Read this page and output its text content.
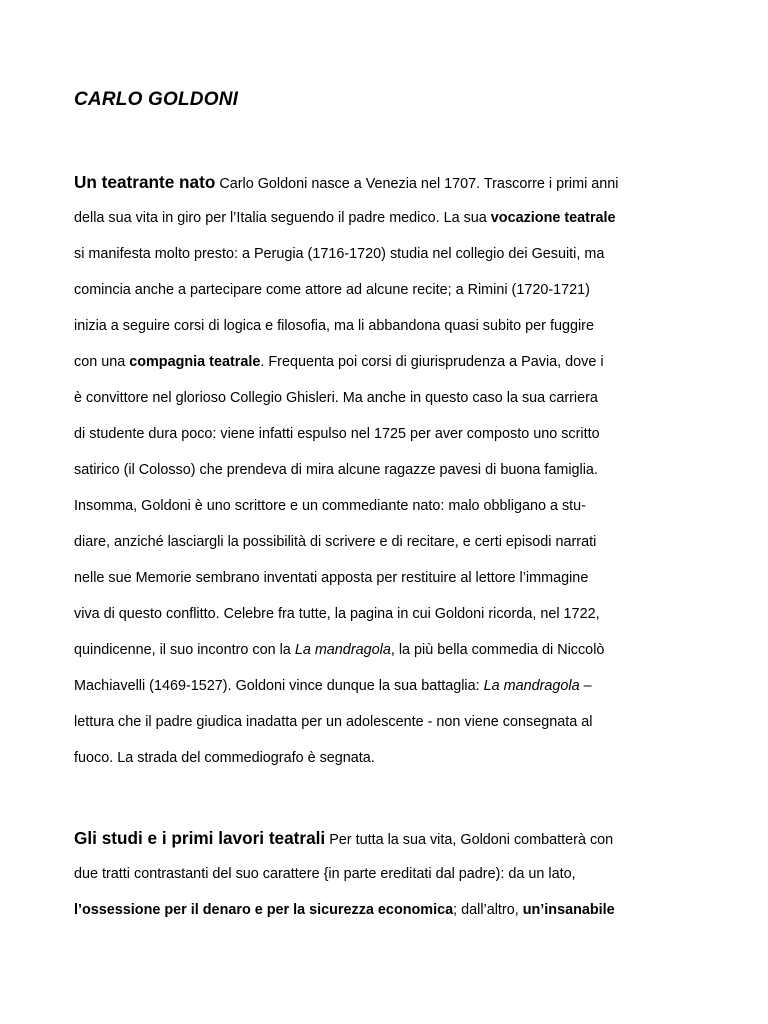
CARLO GOLDONI
Un teatrante nato Carlo Goldoni nasce a Venezia nel 1707. Trascorre i primi anni
della sua vita in giro per l’Italia seguendo il padre medico. La sua vocazione teatrale
si manifesta molto presto: a Perugia (1716-1720) studia nel collegio dei Gesuiti, ma
comincia anche a partecipare come attore ad alcune recite; a Rimini (1720-1721)
inizia a seguire corsi di logica e filosofia, ma li abbandona quasi subito per fuggire
con una compagnia teatrale. Frequenta poi corsi di giurisprudenza a Pavia, dove i
è convittore nel glorioso Collegio Ghisleri. Ma anche in questo caso la sua carriera
di studente dura poco: viene infatti espulso nel 1725 per aver composto uno scritto
satirico (il Colosso) che prendeva di mira alcune ragazze pavesi di buona famiglia.
Insomma, Goldoni è uno scrittore e un commediante nato: malo obbligano a stu-
diare, anziché lasciargli la possibilità di scrivere e di recitare, e certi episodi narrati
nelle sue Memorie sembrano inventati apposta per restituire al lettore l’immagine
viva di questo conflitto. Celebre fra tutte, la pagina in cui Goldoni ricorda, nel 1722,
quindicenne, il suo incontro con la La mandragola, la più bella commedia di Niccolò
Machiavelli (1469-1527). Goldoni vince dunque la sua battaglia: La mandragola –
lettura che il padre giudica inadatta per un adolescente - non viene consegnata al
fuoco. La strada del commediografo è segnata.
Gli studi e i primi lavori teatrali Per tutta la sua vita, Goldoni combatterà con
due tratti contrastanti del suo carattere {in parte ereditati dal padre): da un lato,
l’ossessione per il denaro e per la sicurezza economica; dall’altro, un’insanabile
